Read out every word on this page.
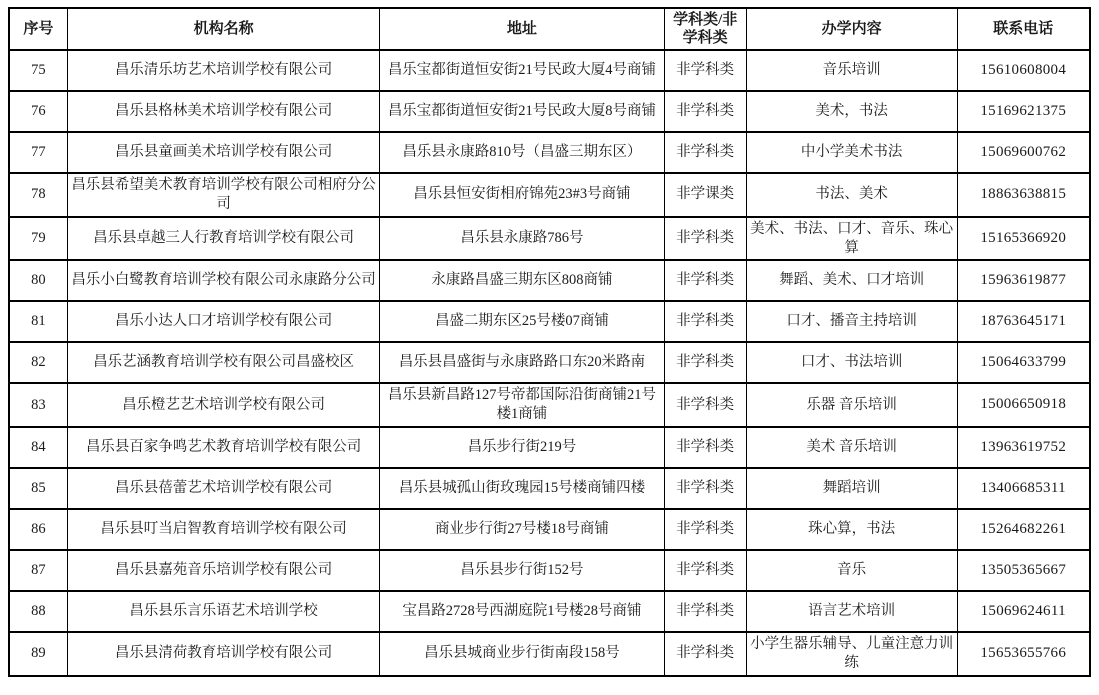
序号	机构名称	地址	学科类/非学科类	办学内容	联系电话
75	昌乐清乐坊艺术培训学校有限公司	昌乐宝都街道恒安街21号民政大厦4号商铺	非学科类	音乐培训	15610608004
76	昌乐县格林美术培训学校有限公司	昌乐宝都街道恒安街21号民政大厦8号商铺	非学科类	美术，书法	15169621375
77	昌乐县童画美术培训学校有限公司	昌乐县永康路810号（昌盛三期东区）	非学科类	中小学美术书法	15069600762
78	昌乐县希望美术教育培训学校有限公司相府分公司	昌乐县恒安街相府锦苑23#3号商铺	非学课类	书法、美术	18863638815
79	昌乐县卓越三人行教育培训学校有限公司	昌乐县永康路786号	非学科类	美术、书法、口才、音乐、珠心算	15165366920
80	昌乐小白鹭教育培训学校有限公司永康路分公司	永康路昌盛三期东区808商铺	非学科类	舞蹈、美术、口才培训	15963619877
81	昌乐小达人口才培训学校有限公司	昌盛二期东区25号楼07商铺	非学科类	口才、播音主持培训	18763645171
82	昌乐艺涵教育培训学校有限公司昌盛校区	昌乐县昌盛街与永康路路口东20米路南	非学科类	口才、书法培训	15064633799
83	昌乐橙艺艺术培训学校有限公司	昌乐县新昌路127号帝都国际沿街商铺21号楼1商铺	非学科类	乐器 音乐培训	15006650918
84	昌乐县百家争鸣艺术教育培训学校有限公司	昌乐步行街219号	非学科类	美术 音乐培训	13963619752
85	昌乐县蓓蕾艺术培训学校有限公司	昌乐县城孤山街玫瑰园15号楼商铺四楼	非学科类	舞蹈培训	13406685311
86	昌乐县叮当启智教育培训学校有限公司	商业步行街27号楼18号商铺	非学科类	珠心算，书法	15264682261
87	昌乐县嘉苑音乐培训学校有限公司	昌乐县步行街152号	非学科类	音乐	13505365667
88	昌乐县乐言乐语艺术培训学校	宝昌路2728号西湖庭院1号楼28号商铺	非学科类	语言艺术培训	15069624611
89	昌乐县清荷教育培训学校有限公司	昌乐县城商业步行街南段158号	非学科类	小学生器乐辅导、儿童注意力训练	15653655766
